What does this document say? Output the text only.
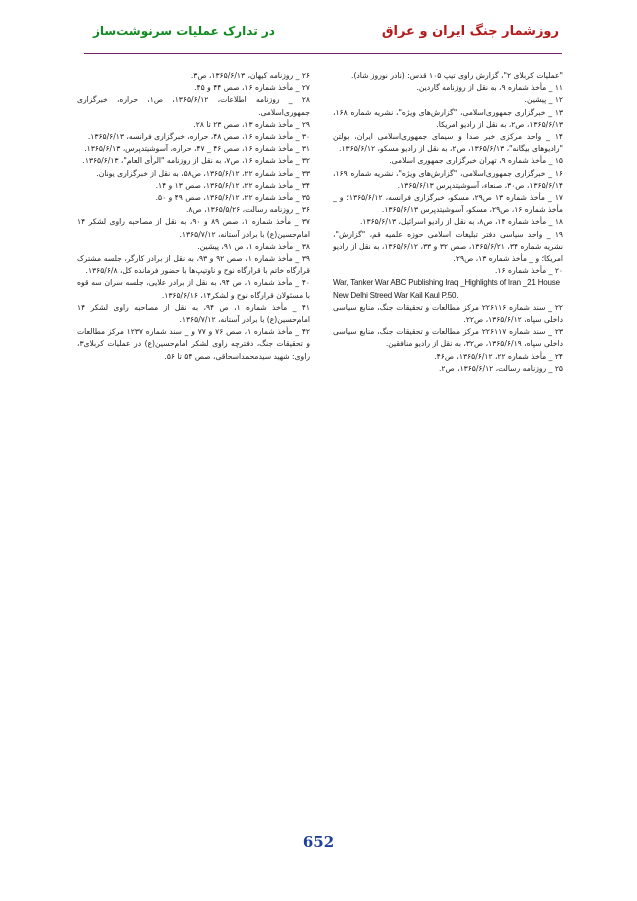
روزشمار جنگ ایران و عراق
در تدارک عملیات سرنوشت‌ساز

"عملیات کربلای ۲"، گزارش راوی تیپ ۱۰۵ قدس: (نادر نوروز شاد).

۱۱ _ مأخذ شماره ۹، به نقل از روزنامه گاردین.

۱۲ _ پیشین.

۱۳ _ خبرگزاری جمهوری‌اسلامی، "گزارش‌های ویژه"، نشریه شماره ۱۶۸، ۱۳۶۵/۶/۱۳، ص۲، به نقل از رادیو امریکا.

۱۴ _ واحد مرکزی خبر صدا و سیمای جمهوری‌اسلامی ایران، بولتن "رادیوهای بیگانه"، ۱۳۶۵/۶/۱۳، ص۲، به نقل از رادیو مسکو، ۱۳۶۵/۶/۱۲.

۱۵ _ مأخذ شماره ۹، تهران خبرگزاری جمهوری اسلامی.

۱۶ _ خبرگزاری جمهوری‌اسلامی، "گزارش‌های ویژه"، نشریه شماره ۱۶۹، ۱۳۶۵/۶/۱۴، ص۳۰، صنعاء، آسوشیتدپرس ۱۳۶۵/۶/۱۳.

۱۷ _ مأخذ شماره ۱۳ ص۲۹، مسکو، خبرگزاری فرانسه، ۱۳۶۵/۶/۱۲؛ و _ مأخذ شماره ۱۶، ص۲۹، مسکو، آسوشیتدپرس ۱۳۶۵/۶/۱۳.

۱۸ _ مأخذ شماره ۱۴، ص۸، به نقل از رادیو اسرائیل، ۱۳۶۵/۶/۱۳.

۱۹ _ واحد سیاسی دفتر تبلیغات اسلامی حوزه علمیه قم، "گزارش"، نشریه شماره ۳۴، ۱۳۶۵/۶/۲۱، صص ۳۲ و ۳۳، ۱۳۶۵/۶/۱۲، به نقل از رادیو امریکا؛ و _ مأخذ شماره ۱۳، ص۲۹.

۲۰ _ مأخذ شماره ۱۶.

War, Tanker War ABC Publishing Iraq _Highlights of Iran _21 House New Delhi Streed War Kail Kaul P.50.

۲۲ _ سند شماره ۲۲۶۱۱۶ مرکز مطالعات و تحقیقات جنگ، منابع سیاسی داخلی سپاه، ۱۳۶۵/۶/۱۲، ص۲۲.

۲۳ _ سند شماره ۲۲۶۱۱۷ مرکز مطالعات و تحقیقات جنگ، منابع سیاسی داخلی سپاه، ۱۳۶۵/۶/۱۹، ص۳۲، به نقل از رادیو منافقین.

۲۴ _ مأخذ شماره ۲۲، ۱۳۶۵/۶/۱۲، ص۴۶.

۲۵ _ روزنامه رسالت، ۱۳۶۵/۶/۱۲، ص۲.

۲۶ _ روزنامه کیهان، ۱۳۶۵/۶/۱۳، ص۳.

۲۷ _ مأخذ شماره ۱۶، صص ۴۴ و ۴۵.

۲۸ _ روزنامه اطلاعات، ۱۳۶۵/۶/۱۲، ص۱، حراره، خبرگزاری جمهوری‌اسلامی.

۲۹ _ مأخذ شماره ۱۳، صص ۲۳ تا ۲۸.

۳۰ _ مأخذ شماره ۱۶، صص ۴۸، حراره، خبرگزاری فرانسه، ۱۳۶۵/۶/۱۳.

۳۱ _ مأخذ شماره ۱۶، صص ۴۶ _ ۴۷، حراره، آسوشیتدپرس، ۱۳۶۵/۶/۱۳.

۳۲ _ مأخذ شماره ۱۶، ص۷، به نقل از روزنامه "الرأی العام"، ۱۳۶۵/۶/۱۳.

۳۳ _ مأخذ شماره ۲۲، ۱۳۶۵/۶/۱۲، ص۵۸، به نقل از خبرگزاری یونان.

۳۴ _ مأخذ شماره ۲۲، ۱۳۶۵/۶/۱۲، صص ۱۳ و ۱۴.

۳۵ _ مأخذ شماره ۲۲، ۱۳۶۵/۶/۱۲، صص ۴۹ و ۵۰.

۳۶ _ روزنامه رسالت، ۱۳۶۵/۵/۲۶، ص۸.

۳۷ _ مأخذ شماره ۱، صص ۸۹ و ۹۰، به نقل از مصاحبه راوی لشکر ۱۴ امام‌حسین(ع) با برادر آستانه، ۱۳۶۵/۷/۱۲.

۳۸ _ مأخذ شماره ۱، ص ۹۱، پیشین.

۳۹ _ مأخذ شماره ۱، صص ۹۲ و ۹۳، به نقل از برادر کارگر، جلسه مشترک قرارگاه خاتم با قرارگاه نوح و ناوتیپ‌ها با حضور فرمانده کل، ۱۳۶۵/۶/۸.

۴۰ _ مأخذ شماره ۱، ص ۹۴، به نقل از برادر علایی، جلسه سران سه قوه با مسئولان قرارگاه نوح و لشکر۱۴، ۱۳۶۵/۶/۱۶.

۴۱ _ مأخذ شماره ۱، ص ۹۴، به نقل از مصاحبه راوی لشکر ۱۴ امام‌حسین(ع) با برادر آستانه، ۱۳۶۵/۷/۱۲.

۴۲ _ مأخذ شماره ۱، صص ۷۶ و ۷۷ و _ سند شماره ۱۲۳۷ مرکز مطالعات و تحقیقات جنگ، دفترچه راوی لشکر امام‌حسین(ع) در عملیات کربلای۳، راوی: شهید سیدمحمداسحاقی، صص ۵۴ تا ۵۶.

652
